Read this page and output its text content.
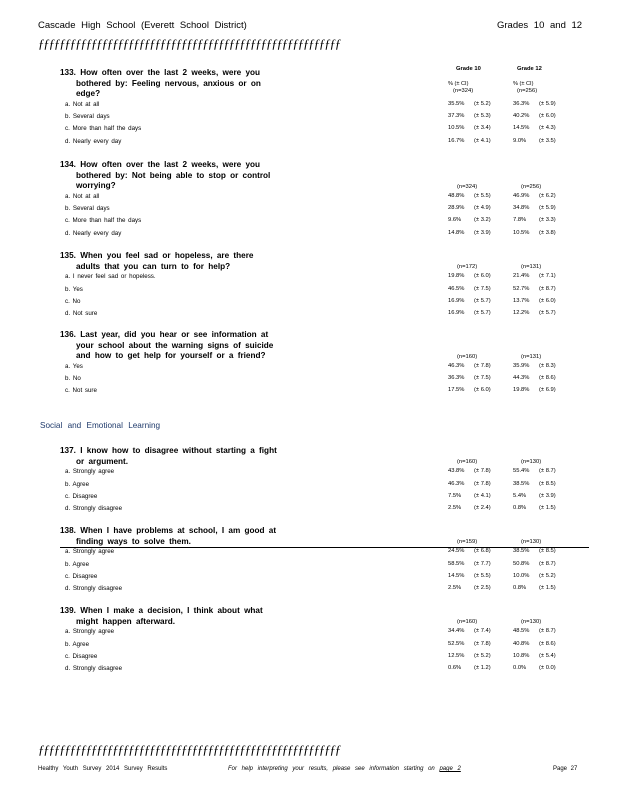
Cascade High School (Everett School District)	Grades 10 and 12
ƒƒƒƒƒƒƒƒƒƒƒƒƒƒƒƒƒƒƒƒƒƒƒƒƒƒƒƒƒƒƒƒƒƒƒƒƒƒƒƒƒƒƒƒƒƒƒƒƒƒƒƒƒƒƒƒƒ
Grade 10	Grade 12
133. How often over the last 2 weeks, were you
bothered by: Feeling nervous, anxious or on
edge?
% (± CI)	% (± CI)
(n=324)	(n=256)
a. Not at all	35.5% (± 5.2)	36.3% (± 5.9)
b. Several days	37.3% (± 5.3)	40.2% (± 6.0)
c. More than half the days	10.5% (± 3.4)	14.5% (± 4.3)
d. Nearly every day	16.7% (± 4.1)	9.0% (± 3.5)
134. How often over the last 2 weeks, were you
bothered by: Not being able to stop or control
worrying?	(n=324)	(n=256)
a. Not at all	48.8% (± 5.5)	46.9% (± 6.2)
b. Several days	28.9% (± 4.9)	34.8% (± 5.9)
c. More than half the days	9.6% (± 3.2)	7.8% (± 3.3)
d. Nearly every day	14.8% (± 3.9)	10.5% (± 3.8)
135. When you feel sad or hopeless, are there
adults that you can turn to for help?	(n=172)	(n=131)
a. I never feel sad or hopeless.	19.8% (± 6.0)	21.4% (± 7.1)
b. Yes	46.5% (± 7.5)	52.7% (± 8.7)
c. No	16.9% (± 5.7)	13.7% (± 6.0)
d. Not sure	16.9% (± 5.7)	12.2% (± 5.7)
136. Last year, did you hear or see information at
your school about the warning signs of suicide
and how to get help for yourself or a friend?	(n=160)	(n=131)
a. Yes	46.3% (± 7.8)	35.9% (± 8.3)
b. No	36.3% (± 7.5)	44.3% (± 8.6)
c. Not sure	17.5% (± 6.0)	19.8% (± 6.9)
137. I know how to disagree without starting a fight
or argument.	(n=160)	(n=130)
a. Strongly agree	43.8% (± 7.8)	55.4% (± 8.7)
b. Agree	46.3% (± 7.8)	38.5% (± 8.5)
c. Disagree	7.5% (± 4.1)	5.4% (± 3.9)
d. Strongly disagree	2.5% (± 2.4)	0.8% (± 1.5)
138. When I have problems at school, I am good at
finding ways to solve them.	(n=159)	(n=130)
a. Strongly agree	24.5% (± 6.8)	38.5% (± 8.5)
b. Agree	58.5% (± 7.7)	50.8% (± 8.7)
c. Disagree	14.5% (± 5.5)	10.0% (± 5.2)
d. Strongly disagree	2.5% (± 2.5)	0.8% (± 1.5)
139. When I make a decision, I think about what
might happen afterward.	(n=160)	(n=130)
a. Strongly agree	34.4% (± 7.4)	48.5% (± 8.7)
b. Agree	52.5% (± 7.8)	40.8% (± 8.6)
c. Disagree	12.5% (± 5.2)	10.8% (± 5.4)
d. Strongly disagree	0.6% (± 1.2)	0.0% (± 0.0)
Social and Emotional Learning
ƒƒƒƒƒƒƒƒƒƒƒƒƒƒƒƒƒƒƒƒƒƒƒƒƒƒƒƒƒƒƒƒƒƒƒƒƒƒƒƒƒƒƒƒƒƒƒƒƒƒƒƒƒƒƒƒƒ
Healthy Youth Survey 2014 Survey Results	For help interpreting your results, please see information starting on page 2	Page 27
